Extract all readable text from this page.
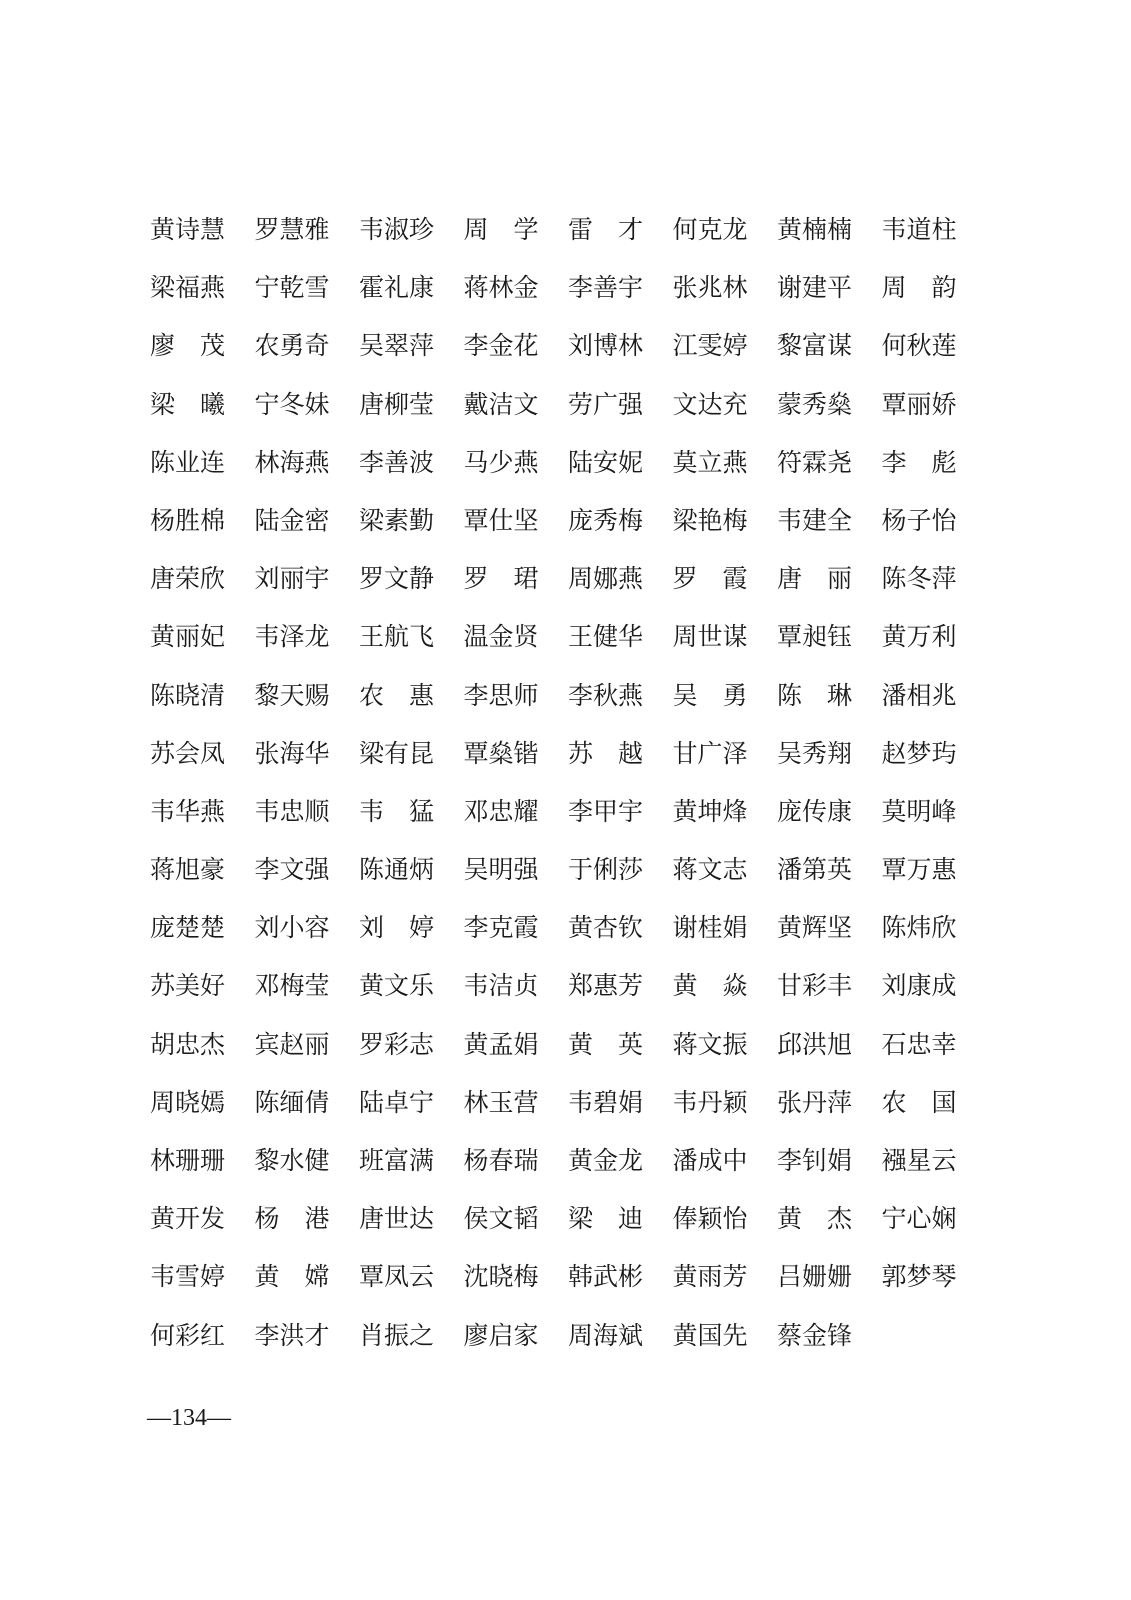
黄诗慧	罗慧雅	韦淑珍	周　学	雷　才	何克龙	黄楠楠	韦道柱
梁福燕	宁乾雪	霍礼康	蒋林金	李善宇	张兆林	谢建平	周　韵
廖　茂	农勇奇	吴翠萍	李金花	刘博林	江雯婷	黎富谋	何秋莲
梁　曦	宁冬妹	唐柳莹	戴洁文	劳广强	文达充	蒙秀燊	覃丽娇
陈业连	林海燕	李善波	马少燕	陆安妮	莫立燕	符霖尧	李　彪
杨胜棉	陆金密	梁素勤	覃仕坚	庞秀梅	梁艳梅	韦建全	杨子怡
唐荣欣	刘丽宇	罗文静	罗　珺	周娜燕	罗　霞	唐　丽	陈冬萍
黄丽妃	韦泽龙	王航飞	温金贤	王健华	周世谋	覃昶钰	黄万利
陈晓清	黎天赐	农　惠	李思师	李秋燕	吴　勇	陈　琳	潘相兆
苏会凤	张海华	梁有昆	覃燊锴	苏　越	甘广泽	吴秀翔	赵梦玙
韦华燕	韦忠顺	韦　猛	邓忠耀	李甲宇	黄坤烽	庞传康	莫明峰
蒋旭豪	李文强	陈通炳	吴明强	于俐莎	蒋文志	潘第英	覃万惠
庞楚楚	刘小容	刘　婷	李克霞	黄杏钦	谢桂娟	黄辉坚	陈炜欣
苏美好	邓梅莹	黄文乐	韦洁贞	郑惠芳	黄　焱	甘彩丰	刘康成
胡忠杰	宾赵丽	罗彩志	黄孟娟	黄　英	蒋文振	邱洪旭	石忠幸
周晓嫣	陈缅倩	陆卓宁	林玉营	韦碧娟	韦丹颖	张丹萍	农　国
林珊珊	黎水健	班富满	杨春瑞	黄金龙	潘成中	李钊娟	襁星云
黄开发	杨　港	唐世达	侯文韬	梁　迪	俸颖怡	黄　杰	宁心娴
韦雪婷	黄　嫦	覃凤云	沈晓梅	韩武彬	黄雨芳	吕姗姗	郭梦琴
何彩红	李洪才	肖振之	廖启家	周海斌	黄国先	蔡金锋
—134—
